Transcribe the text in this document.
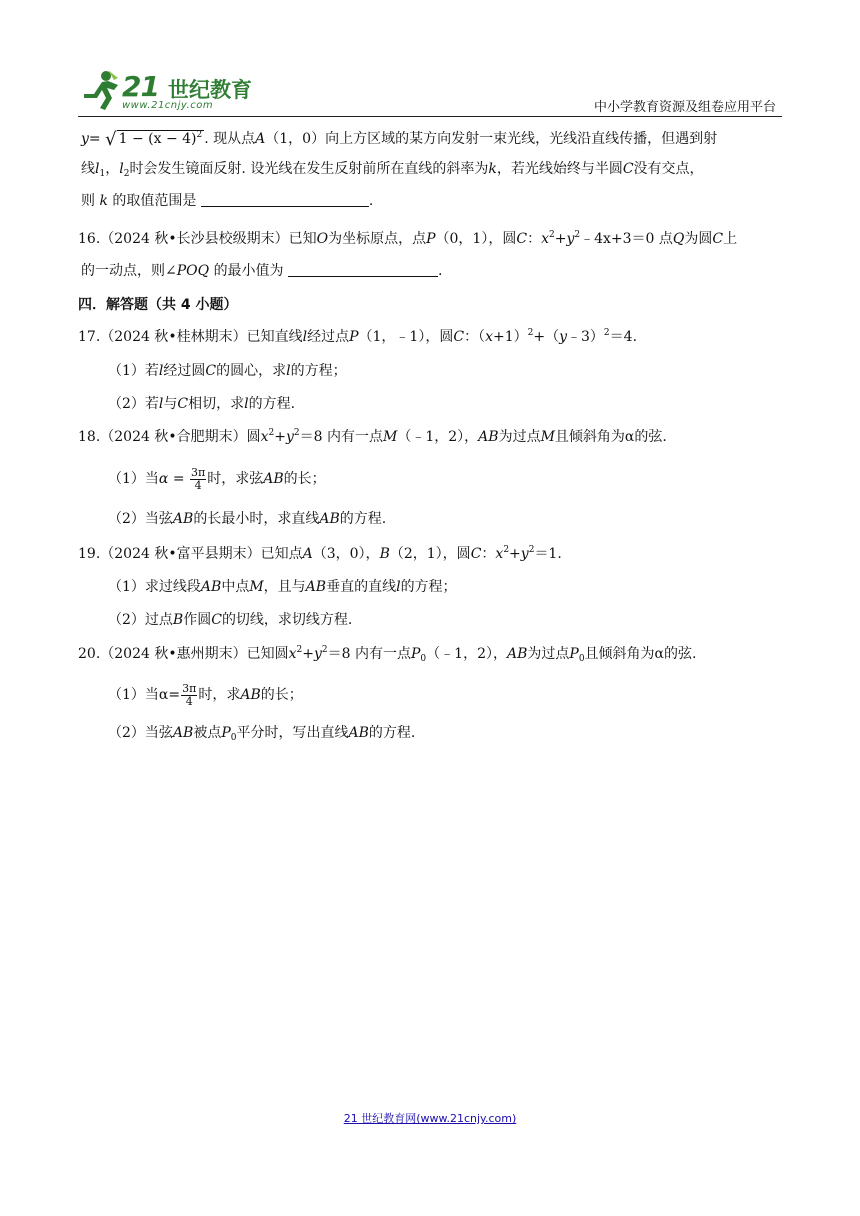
21 世纪教育
www.21cnjy.com	中小学教育资源及组卷应用平台
y= √ $1 - (x - 4)^2$ . 现从点A（1，0）向上方区域的某方向发射一束光线，光线沿直线传播，但遇到射
线$l_1$，$l_2$时会发生镜面反射. 设光线在发生反射前所在直线的斜率为k，若光线始终与半圆C没有交点，
则 k 的取值范围是	.
16.（2024 秋•长沙县校级期末）已知O为坐标原点，点P（0，1），圆C：$x^2+y^2﹣4x+3=0$ 点Q为圆C上
的一动点，则∠POQ 的最小值为	.
四．解答题（共 4 小题）
17.（2024 秋•桂林期末）已知直线l经过点P（1，﹣1），圆C：$(x+1)^2+(y﹣3)^2=4$.
（1）若l经过圆C的圆心，求l的方程；
（2）若l与C相切，求l的方程.
18.（2024 秋•合肥期末）圆$x^2+y^2=8$ 内有一点M（﹣1，2），AB为过点M且倾斜角为α的弦.
（1）当$\alpha = \frac{3\pi}{4}$ 时，求弦AB的长；
（2）当弦AB的长最小时，求直线AB的方程.
19.（2024 秋•富平县期末）已知点A（3，0），B（2，1），圆C：$x^2+y^2=1$.
（1）求过线段AB中点M，且与AB垂直的直线l的方程；
（2）过点B作圆C的切线，求切线方程.
20.（2024 秋•惠州期末）已知圆$x^2+y^2=8$ 内有一点$P_0(﹣1$，2），AB为过点$P_0$且倾斜角为α的弦.
（1）当$\alpha= \frac{3\pi}{4}$ 时，求AB的长；
（2）当弦AB被点$P_0$平分时，写出直线AB的方程.
21 世纪教育网(www.21cnjy.com)
